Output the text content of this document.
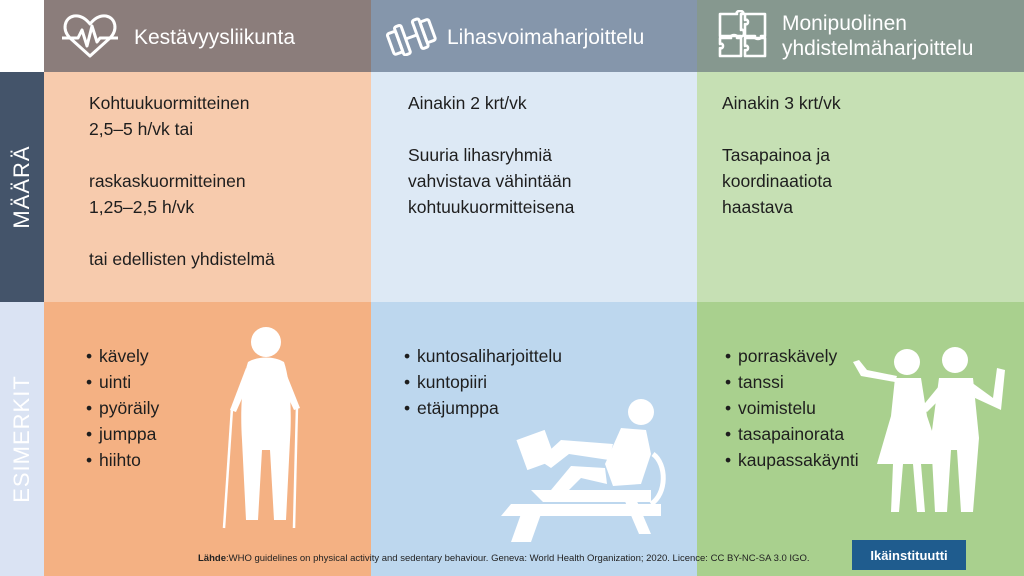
Kestävyysliikunta	Lihasvoimaharjoittelu
Monipuolinen
yhdistelmäharjoittelu
MÄÄRÄ
ESIMERKIT

Kohtuukuormitteinen

2,5–5 h/vk tai

raskaskuormitteinen

1,25–2,5 h/vk

tai edellisten yhdistelmä

Ainakin 2 krt/vk

Suuria lihasryhmiä

vahvistava vähintään

kohtuukuormitteisena

Ainakin 3 krt/vk

Tasapainoa ja

koordinaatiota

haastava

• kävely
• uinti
• pyöräily
• jumppa
• hiihto
• kuntosaliharjoittelu
• kuntopiiri
• etäjumppa
• porraskävely
• tanssi
• voimistelu
• tasapainorata
• kaupassakäynti
Lähde:WHO guidelines on physical activity and sedentary behaviour. Geneva: World Health Organization; 2020. Licence: CC BY-NC-SA 3.0 IGO.	Ikäinstituutti
